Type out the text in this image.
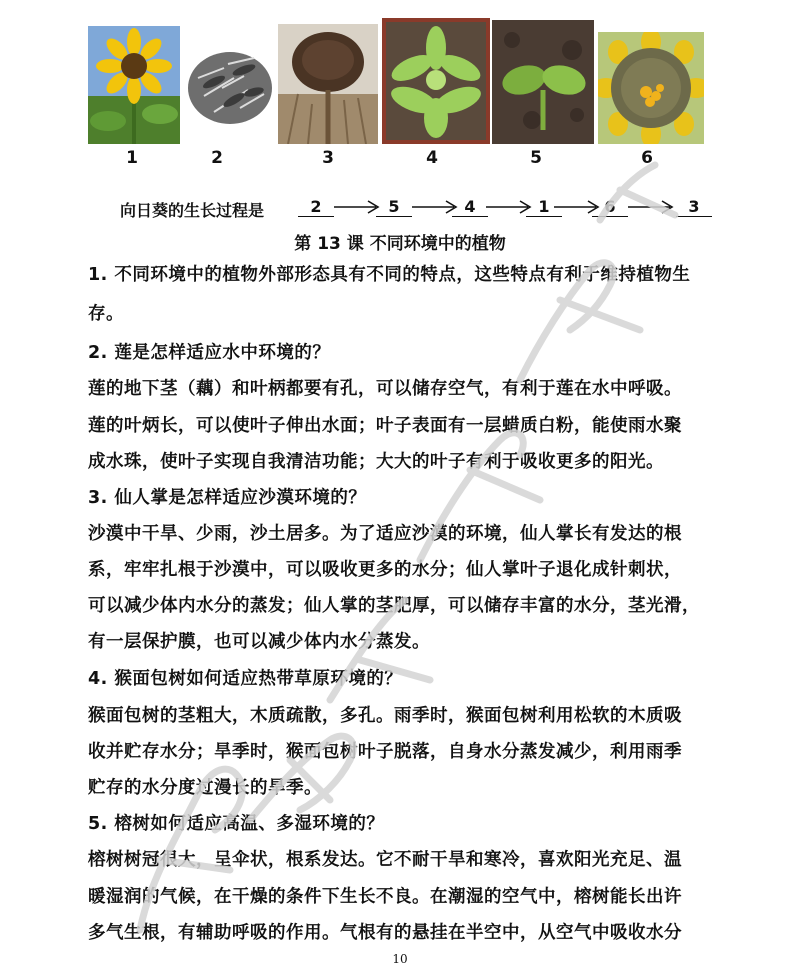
1	2	3	4	5	6
向日葵的生长过程是	2	5	4	1	6	3
第 13 课 不同环境中的植物
1. 不同环境中的植物外部形态具有不同的特点，这些特点有利于维持植物生
存。
2. 莲是怎样适应水中环境的？
莲的地下茎（藕）和叶柄都要有孔，可以储存空气，有利于莲在水中呼吸。
莲的叶炳长，可以使叶子伸出水面；叶子表面有一层蜡质白粉，能使雨水聚
成水珠，使叶子实现自我清洁功能；大大的叶子有利于吸收更多的阳光。
3. 仙人掌是怎样适应沙漠环境的？
沙漠中干旱、少雨，沙土居多。为了适应沙漠的环境，仙人掌长有发达的根
系，牢牢扎根于沙漠中，可以吸收更多的水分；仙人掌叶子退化成针刺状，
可以减少体内水分的蒸发；仙人掌的茎肥厚，可以储存丰富的水分，茎光滑，
有一层保护膜，也可以减少体内水分蒸发。
4. 猴面包树如何适应热带草原环境的？
猴面包树的茎粗大，木质疏散，多孔。雨季时，猴面包树利用松软的木质吸
收并贮存水分；旱季时，猴面包树叶子脱落，自身水分蒸发减少，利用雨季
贮存的水分度过漫长的旱季。
5. 榕树如何适应高温、多湿环境的？
榕树树冠很大，呈伞状，根系发达。它不耐干旱和寒冷，喜欢阳光充足、温
暖湿润的气候，在干燥的条件下生长不良。在潮湿的空气中，榕树能长出许
多气生根，有辅助呼吸的作用。气根有的悬挂在半空中，从空气中吸收水分
10
